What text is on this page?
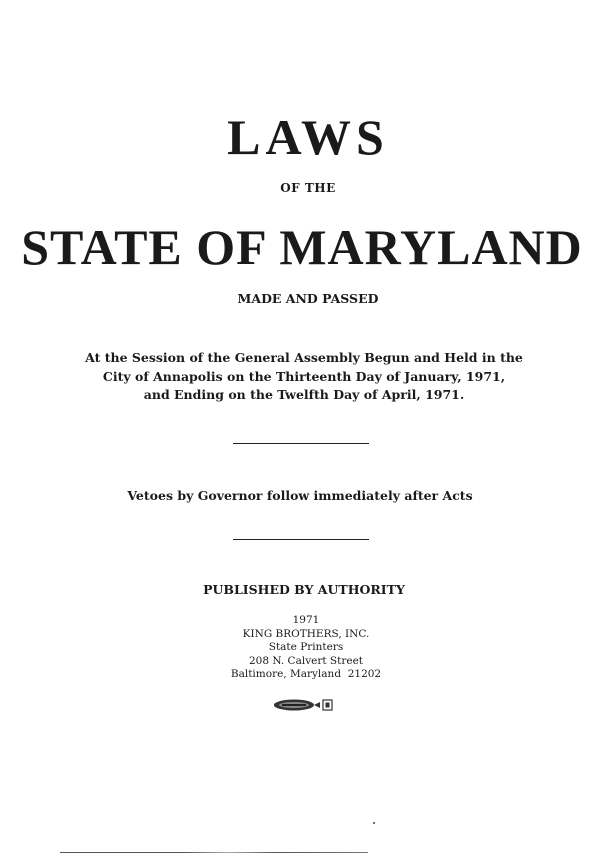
LAWS
OF THE
STATE OF MARYLAND
MADE AND PASSED
At the Session of the General Assembly Begun and Held in the
City of Annapolis on the Thirteenth Day of January, 1971,
and Ending on the Twelfth Day of April, 1971.
Vetoes by Governor follow immediately after Acts
PUBLISHED BY AUTHORITY
1971
KING BROTHERS, INC.
State Printers
208 N. Calvert Street
Baltimore, Maryland  21202
